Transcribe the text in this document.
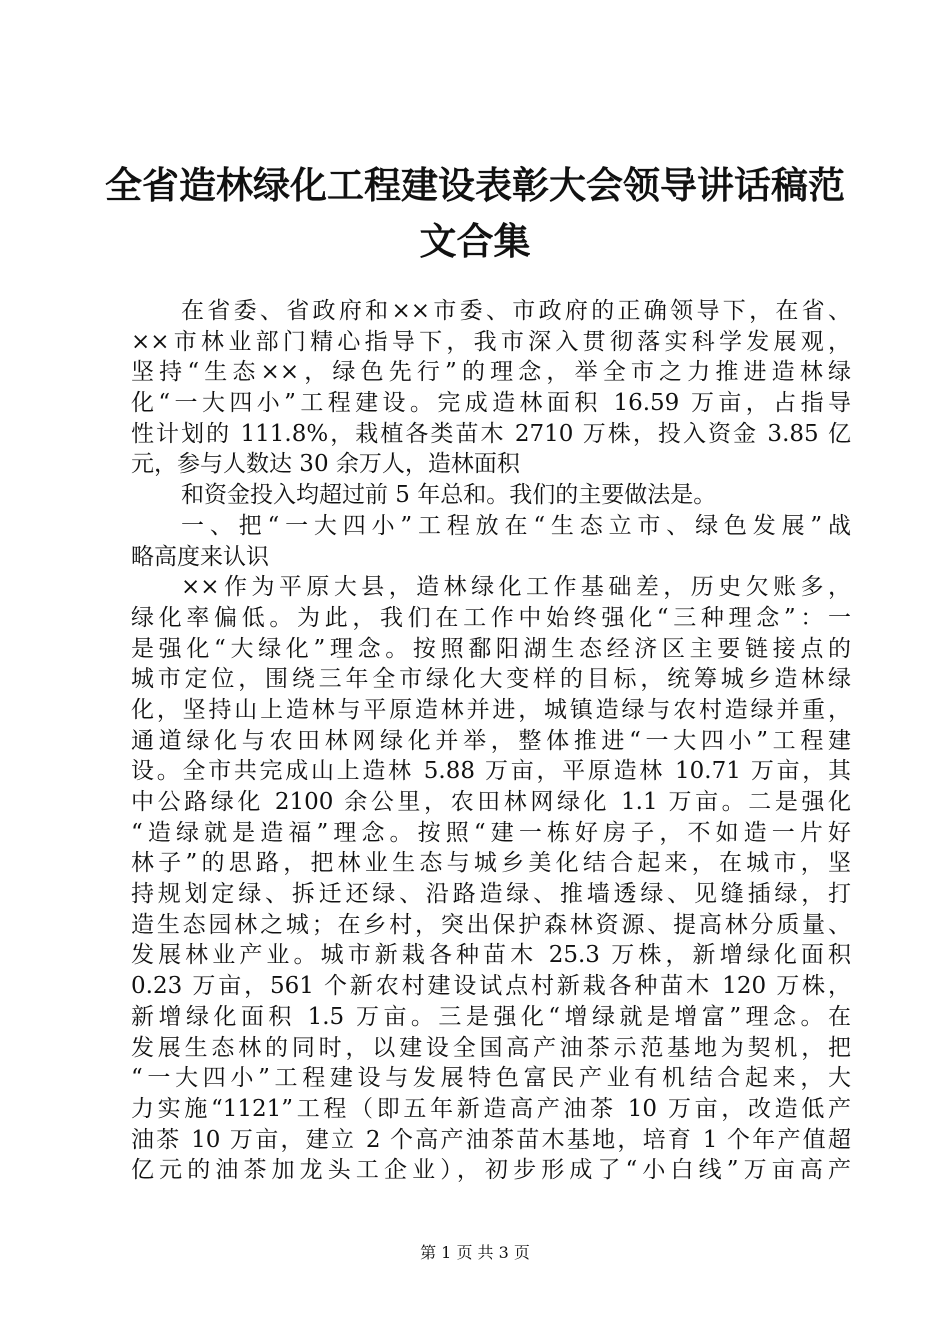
全省造林绿化工程建设表彰大会领导讲话稿范
文合集
在省委、省政府和××市委、市政府的正确领导下，在省、
××市林业部门精心指导下，我市深入贯彻落实科学发展观，
坚持“生态××，绿色先行”的理念，举全市之力推进造林绿
化“一大四小”工程建设。完成造林面积 16.59 万亩，占指导
性计划的 111.8%，栽植各类苗木 2710 万株，投入资金 3.85 亿
元，参与人数达 30 余万人，造林面积
和资金投入均超过前 5 年总和。我们的主要做法是。
一、把“一大四小”工程放在“生态立市、绿色发展”战
略高度来认识
××作为平原大县，造林绿化工作基础差，历史欠账多，
绿化率偏低。为此，我们在工作中始终强化“三种理念”：一
是强化“大绿化”理念。按照鄱阳湖生态经济区主要链接点的
城市定位，围绕三年全市绿化大变样的目标，统筹城乡造林绿
化，坚持山上造林与平原造林并进，城镇造绿与农村造绿并重，
通道绿化与农田林网绿化并举，整体推进“一大四小”工程建
设。全市共完成山上造林 5.88 万亩，平原造林 10.71 万亩，其
中公路绿化 2100 余公里，农田林网绿化 1.1 万亩。二是强化
“造绿就是造福”理念。按照“建一栋好房子，不如造一片好
林子”的思路，把林业生态与城乡美化结合起来，在城市，坚
持规划定绿、拆迁还绿、沿路造绿、推墙透绿、见缝插绿，打
造生态园林之城；在乡村，突出保护森林资源、提高林分质量、
发展林业产业。城市新栽各种苗木 25.3 万株，新增绿化面积
0.23 万亩，561 个新农村建设试点村新栽各种苗木 120 万株，
新增绿化面积 1.5 万亩。三是强化“增绿就是增富”理念。在
发展生态林的同时，以建设全国高产油茶示范基地为契机，把
“一大四小”工程建设与发展特色富民产业有机结合起来，大
力实施“1121”工程（即五年新造高产油茶 10 万亩，改造低产
油茶 10 万亩，建立 2 个高产油茶苗木基地，培育 1 个年产值超
亿元的油茶加龙头工企业），初步形成了“小白线”万亩高产
第 1 页 共 3 页
